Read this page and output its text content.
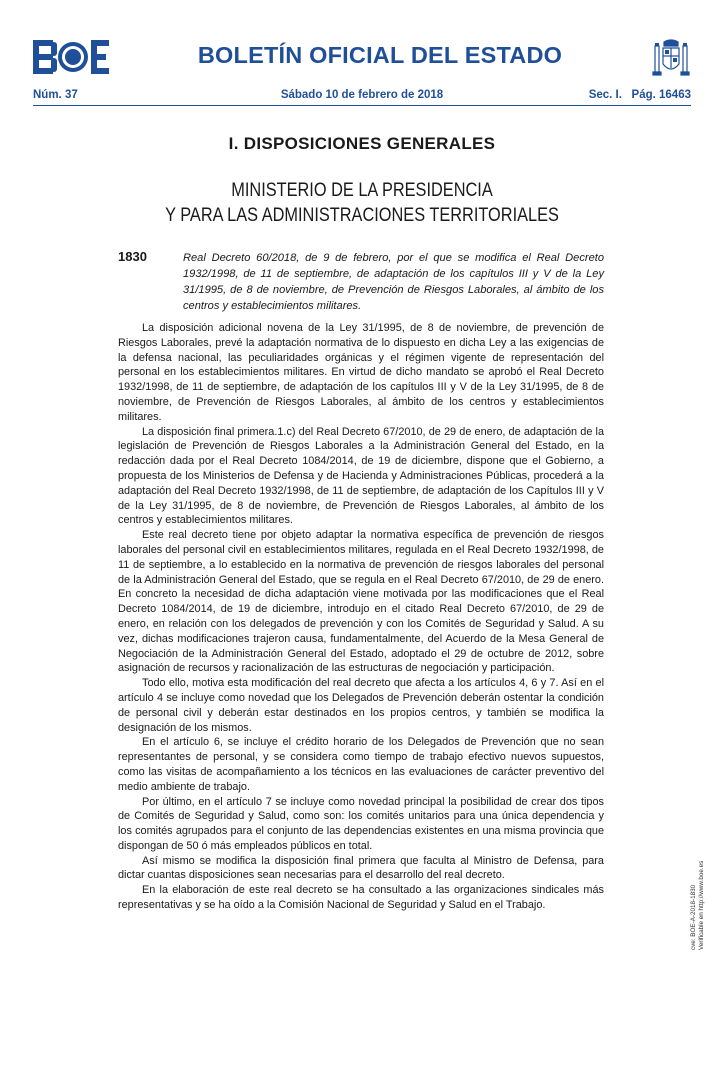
BOLETÍN OFICIAL DEL ESTADO
Sábado 10 de febrero de 2018
Núm. 37	Sec. I.   Pág. 16463
I. DISPOSICIONES GENERALES
MINISTERIO DE LA PRESIDENCIA
Y PARA LAS ADMINISTRACIONES TERRITORIALES
1830	Real Decreto 60/2018, de 9 de febrero, por el que se modifica el Real Decreto 1932/1998, de 11 de septiembre, de adaptación de los capítulos III y V de la Ley 31/1995, de 8 de noviembre, de Prevención de Riesgos Laborales, al ámbito de los centros y establecimientos militares.

La disposición adicional novena de la Ley 31/1995, de 8 de noviembre, de prevención de Riesgos Laborales, prevé la adaptación normativa de lo dispuesto en dicha Ley a las exigencias de la defensa nacional, las peculiaridades orgánicas y el régimen vigente de representación del personal en los establecimientos militares. En virtud de dicho mandato se aprobó el Real Decreto 1932/1998, de 11 de septiembre, de adaptación de los capítulos III y V de la Ley 31/1995, de 8 de noviembre, de Prevención de Riesgos Laborales, al ámbito de los centros y establecimientos militares.

La disposición final primera.1.c) del Real Decreto 67/2010, de 29 de enero, de adaptación de la legislación de Prevención de Riesgos Laborales a la Administración General del Estado, en la redacción dada por el Real Decreto 1084/2014, de 19 de diciembre, dispone que el Gobierno, a propuesta de los Ministerios de Defensa y de Hacienda y Administraciones Públicas, procederá a la adaptación del Real Decreto 1932/1998, de 11 de septiembre, de adaptación de los Capítulos III y V de la Ley 31/1995, de 8 de noviembre, de Prevención de Riesgos Laborales, al ámbito de los centros y establecimientos militares.

Este real decreto tiene por objeto adaptar la normativa específica de prevención de riesgos laborales del personal civil en establecimientos militares, regulada en el Real Decreto 1932/1998, de 11 de septiembre, a lo establecido en la normativa de prevención de riesgos laborales del personal de la Administración General del Estado, que se regula en el Real Decreto 67/2010, de 29 de enero. En concreto la necesidad de dicha adaptación viene motivada por las modificaciones que el Real Decreto 1084/2014, de 19 de diciembre, introdujo en el citado Real Decreto 67/2010, de 29 de enero, en relación con los delegados de prevención y con los Comités de Seguridad y Salud. A su vez, dichas modificaciones trajeron causa, fundamentalmente, del Acuerdo de la Mesa General de Negociación de la Administración General del Estado, adoptado el 29 de octubre de 2012, sobre asignación de recursos y racionalización de las estructuras de negociación y participación.

Todo ello, motiva esta modificación del real decreto que afecta a los artículos 4, 6 y 7. Así en el artículo 4 se incluye como novedad que los Delegados de Prevención deberán ostentar la condición de personal civil y deberán estar destinados en los propios centros, y también se modifica la designación de los mismos.

En el artículo 6, se incluye el crédito horario de los Delegados de Prevención que no sean representantes de personal, y se considera como tiempo de trabajo efectivo nuevos supuestos, como las visitas de acompañamiento a los técnicos en las evaluaciones de carácter preventivo del medio ambiente de trabajo.

Por último, en el artículo 7 se incluye como novedad principal la posibilidad de crear dos tipos de Comités de Seguridad y Salud, como son: los comités unitarios para una única dependencia y los comités agrupados para el conjunto de las dependencias existentes en una misma provincia que dispongan de 50 ó más empleados públicos en total.

Así mismo se modifica la disposición final primera que faculta al Ministro de Defensa, para dictar cuantas disposiciones sean necesarias para el desarrollo del real decreto.

En la elaboración de este real decreto se ha consultado a las organizaciones sindicales más representativas y se ha oído a la Comisión Nacional de Seguridad y Salud en el Trabajo.	cve: BOE-A-2018-1830 Verificable en http://www.boe.es
